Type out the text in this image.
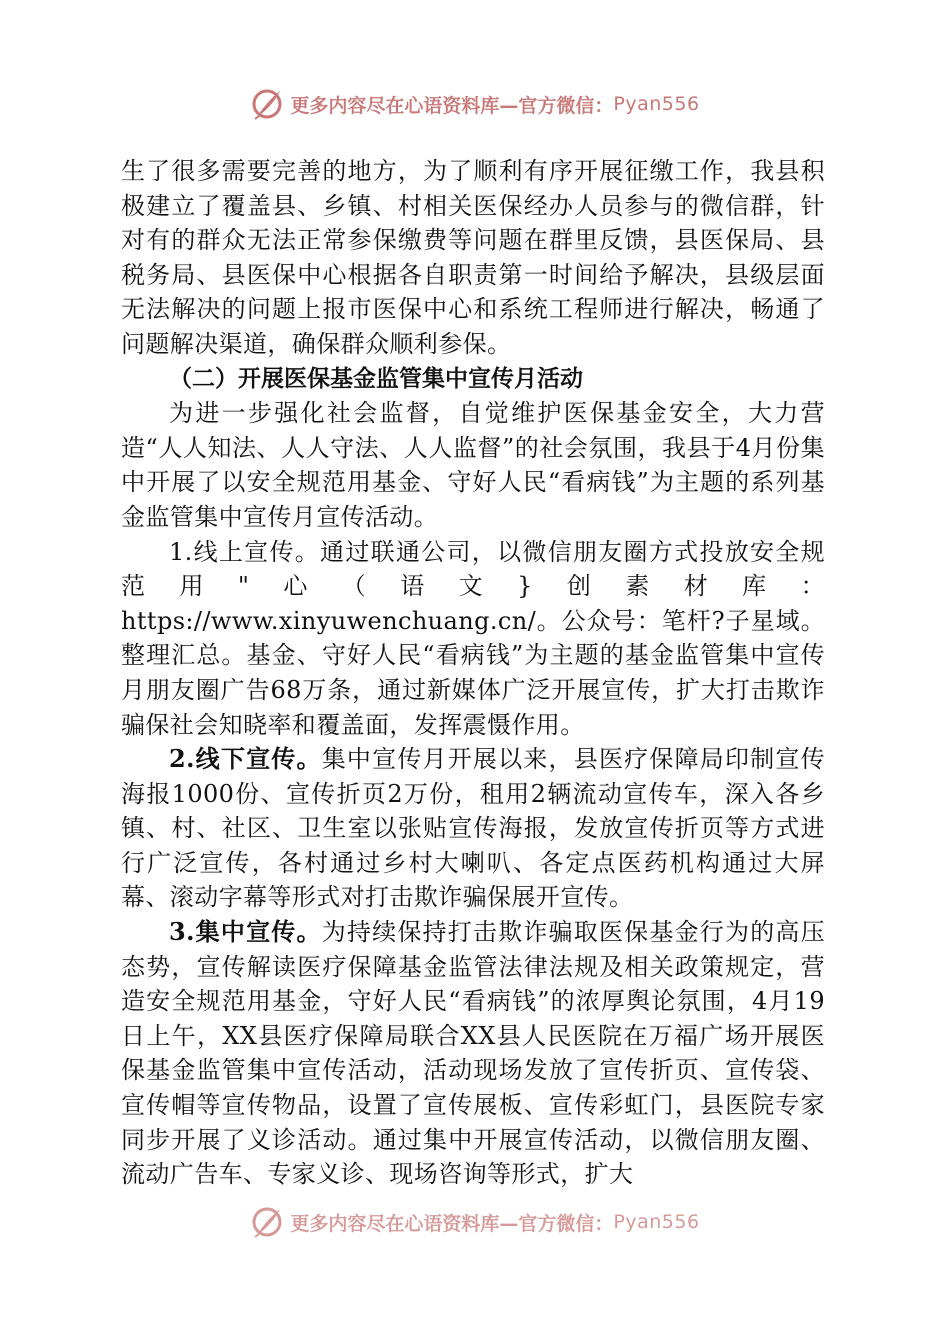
更多内容尽在心语资料库—官方微信： Pyan556

生了很多需要完善的地方，为了顺利有序开展征缴工作，我县积极建立了覆盖县、乡镇、村相关医保经办人员参与的微信群，针对有的群众无法正常参保缴费等问题在群里反馈，县医保局、县税务局、县医保中心根据各自职责第一时间给予解决，县级层面无法解决的问题上报市医保中心和系统工程师进行解决，畅通了问题解决渠道，确保群众顺利参保。

（二）开展医保基金监管集中宣传月活动

为进一步强化社会监督，自觉维护医保基金安全，大力营造“人人知法、人人守法、人人监督”的社会氛围，我县于4月份集中开展了以安全规范用基金、守好人民“看病钱”为主题的系列基金监管集中宣传月宣传活动。

1.线上宣传。通过联通公司，以微信朋友圈方式投放安全规范用"心（语文}创素材库：https://www.xinyuwenchuang.cn/。公众号：笔杆?子星域。整理汇总。基金、守好人民“看病钱”为主题的基金监管集中宣传月朋友圈广告68万条，通过新媒体广泛开展宣传，扩大打击欺诈骗保社会知晓率和覆盖面，发挥震慑作用。

2.线下宣传。集中宣传月开展以来，县医疗保障局印制宣传海报1000份、宣传折页2万份，租用2辆流动宣传车，深入各乡镇、村、社区、卫生室以张贴宣传海报，发放宣传折页等方式进行广泛宣传，各村通过乡村大喇叭、各定点医药机构通过大屏幕、滚动字幕等形式对打击欺诈骗保展开宣传。

3.集中宣传。为持续保持打击欺诈骗取医保基金行为的高压态势，宣传解读医疗保障基金监管法律法规及相关政策规定，营造安全规范用基金，守好人民“看病钱”的浓厚舆论氛围，4月19日上午，XX县医疗保障局联合XX县人民医院在万福广场开展医保基金监管集中宣传活动，活动现场发放了宣传折页、宣传袋、宣传帽等宣传物品，设置了宣传展板、宣传彩虹门，县医院专家同步开展了义诊活动。通过集中开展宣传活动，以微信朋友圈、流动广告车、专家义诊、现场咨询等形式，扩大

更多内容尽在心语资料库—官方微信： Pyan556
